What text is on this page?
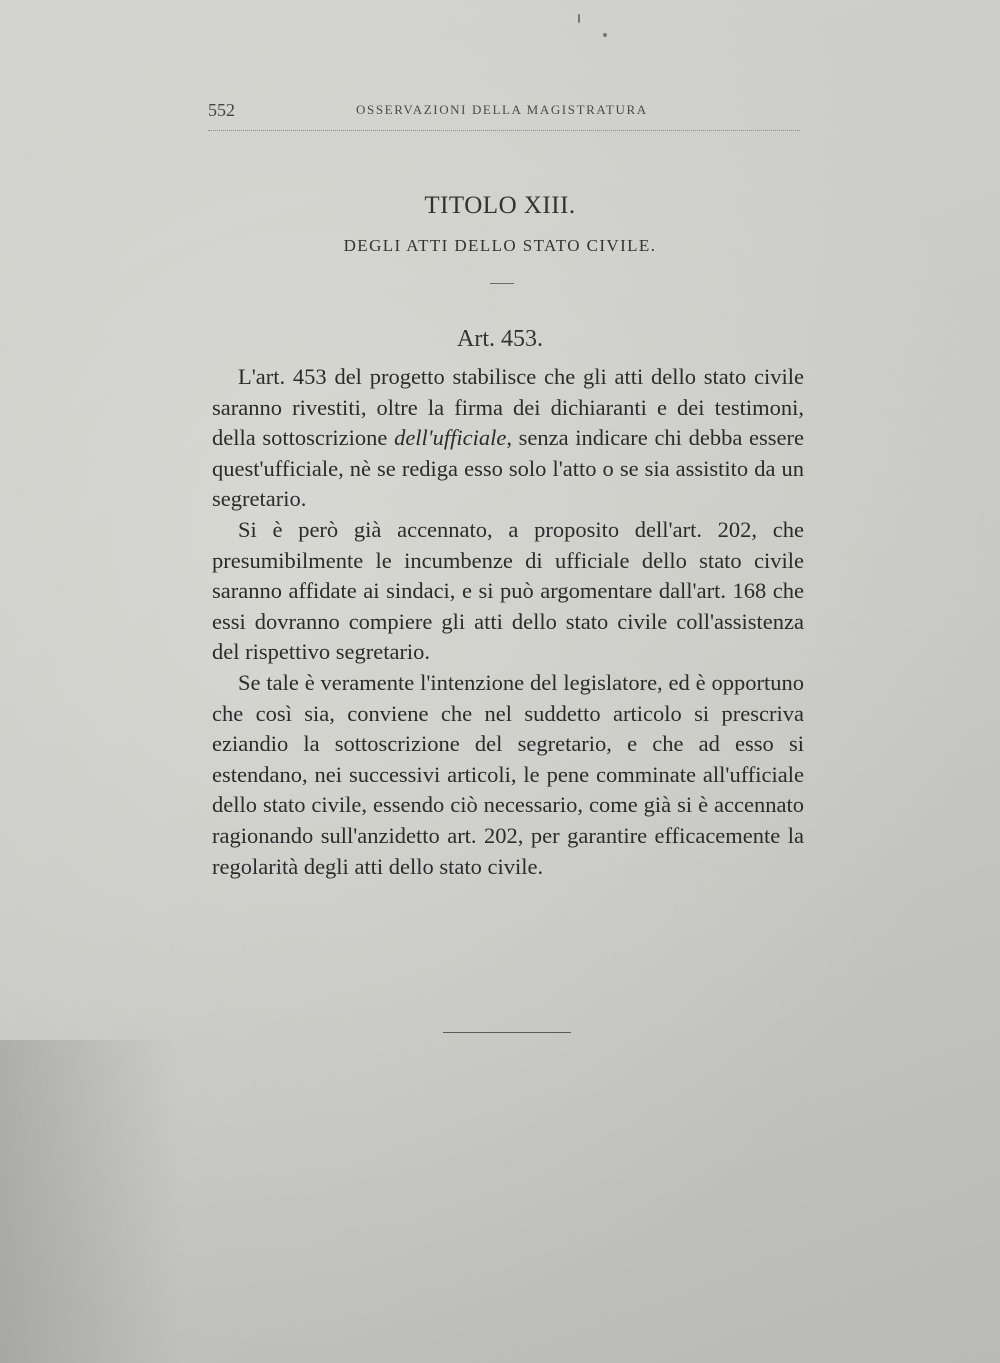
552	OSSERVAZIONI DELLA MAGISTRATURA
TITOLO XIII.
DEGLI ATTI DELLO STATO CIVILE.
Art. 453.

L'art. 453 del progetto stabilisce che gli atti dello stato civile saranno rivestiti, oltre la firma dei dichiaranti e dei testimoni, della sottoscrizione dell'ufficiale, senza indicare chi debba essere quest'ufficiale, nè se rediga esso solo l'atto o se sia assistito da un segretario.

Si è però già accennato, a proposito dell'art. 202, che presumibilmente le incumbenze di ufficiale dello stato civile saranno affidate ai sindaci, e si può argomentare dall'art. 168 che essi dovranno compiere gli atti dello stato civile coll'assistenza del rispettivo segretario.

Se tale è veramente l'intenzione del legislatore, ed è opportuno che così sia, conviene che nel suddetto articolo si prescriva eziandio la sottoscrizione del segretario, e che ad esso si estendano, nei successivi articoli, le pene comminate all'ufficiale dello stato civile, essendo ciò necessario, come già si è accennato ragionando sull'anzidetto art. 202, per garantire efficacemente la regolarità degli atti dello stato civile.
